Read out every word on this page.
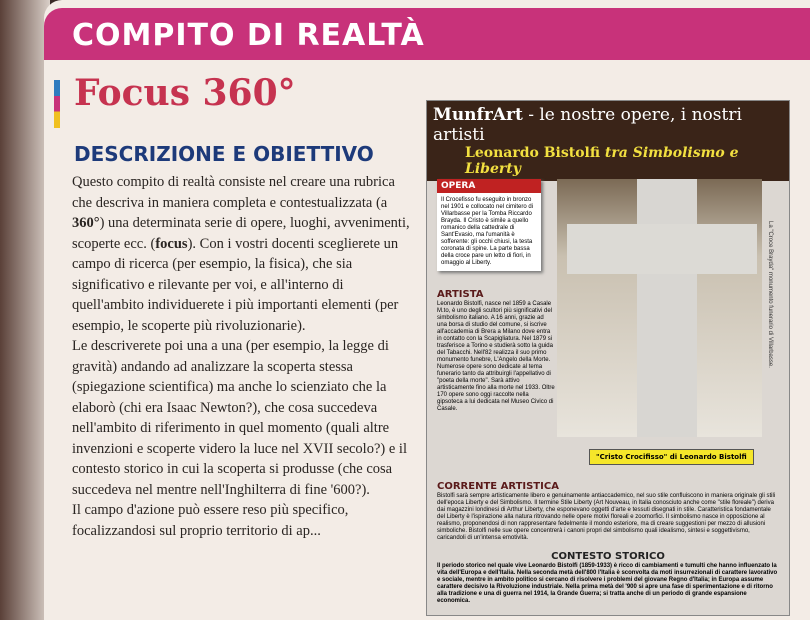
COMPITO DI REALTÀ
Focus 360°
DESCRIZIONE E OBIETTIVO

Questo compito di realtà consiste nel creare una rubrica che descriva in maniera completa e contestualizzata (a 360°) una determinata serie di opere, luoghi, avvenimenti, scoperte ecc. (focus). Con i vostri docenti sceglierete un campo di ricerca (per esempio, la fisica), che sia significativo e rilevante per voi, e all'interno di quell'ambito individuerete i più importanti elementi (per esempio, le scoperte più rivoluzionarie).

Le descriverete poi una a una (per esempio, la legge di gravità) andando ad analizzare la scoperta stessa (spiegazione scientifica) ma anche lo scienziato che la elaborò (chi era Isaac Newton?), che cosa succedeva nell'ambito di riferimento in quel momento (quali altre invenzioni e scoperte videro la luce nel XVII secolo?) e il contesto storico in cui la scoperta si produsse (che cosa succedeva nel mentre nell'Inghilterra di fine '600?).

Il campo d'azione può essere reso più specifico, focalizzandosi sul proprio territorio di ap...

MunfrArt - le nostre opere, i nostri artisti
Leonardo Bistolfi tra Simbolismo e Liberty
OPERA
Il Crocefisso fu eseguito in bronzo nel 1901 e collocato nel cimitero di Villarbasse per la Tomba Riccardo Brayda. Il Cristo è simile a quello romanico della cattedrale di Sant'Evasio, ma l'umanità è sofferente: gli occhi chiusi, la testa coronata di spine. La parte bassa della croce pare un letto di fiori, in omaggio al Liberty.	La "Croce Brayda" monumento funerario di Villarbasse.
"Cristo Crocifisso" di Leonardo Bistolfi
ARTISTA
Leonardo Bistolfi, nasce nel 1859 a Casale M.to, è uno degli scultori più significativi del simbolismo italiano. A 16 anni, grazie ad una borsa di studio del comune, si iscrive all'accademia di Brera a Milano dove entra in contatto con la Scapigliatura. Nel 1879 si trasferisce a Torino e studierà sotto la guida del Tabacchi. Nell'82 realizza il suo primo monumento funebre, L'Angelo della Morte. Numerose opere sono dedicate al tema funerario tanto da attribuirgli l'appellativo di "poeta della morte". Sarà attivo artisticamente fino alla morte nel 1933. Oltre 170 opere sono oggi raccolte nella gipsoteca a lui dedicata nel Museo Civico di Casale.
CORRENTE ARTISTICA
Bistolfi sarà sempre artisticamente libero e genuinamente antiaccademico, nel suo stile confluiscono in maniera originale gli stili dell'epoca Liberty e del Simbolismo. Il termine Stile Liberty (Art Nouveau, in Italia conosciuto anche come "stile floreale") deriva dai magazzini londinesi di Arthur Liberty, che esponevano oggetti d'arte e tessuti disegnati in stile. Caratteristica fondamentale del Liberty è l'ispirazione alla natura ritrovando nelle opere motivi floreali e zoomorfici. Il simbolismo nasce in opposizione al realismo, proponendosi di non rappresentare fedelmente il mondo esteriore, ma di creare suggestioni per mezzo di allusioni simboliche. Bistolfi nelle sue opere concentrerà i canoni propri del simbolismo quali idealismo, sintesi e soggettivismo, caricandoli di un'intensa emotività.
CONTESTO STORICO
Il periodo storico nel quale vive Leonardo Bistolfi (1859-1933) è ricco di cambiamenti e tumulti che hanno influenzato la vita dell'Europa e dell'Italia. Nella seconda metà dell'800 l'Italia è sconvolta da moti insurrezionali di carattere lavorativo e sociale, mentre in ambito politico si cercano di risolvere i problemi del giovane Regno d'Italia; in Europa assume carattere decisivo la Rivoluzione industriale. Nella prima metà del '900 si apre una fase di sperimentazione e di ritorno alla tradizione e una di guerra nel 1914, la Grande Guerra; si tratta anche di un periodo di grande espansione economica.
